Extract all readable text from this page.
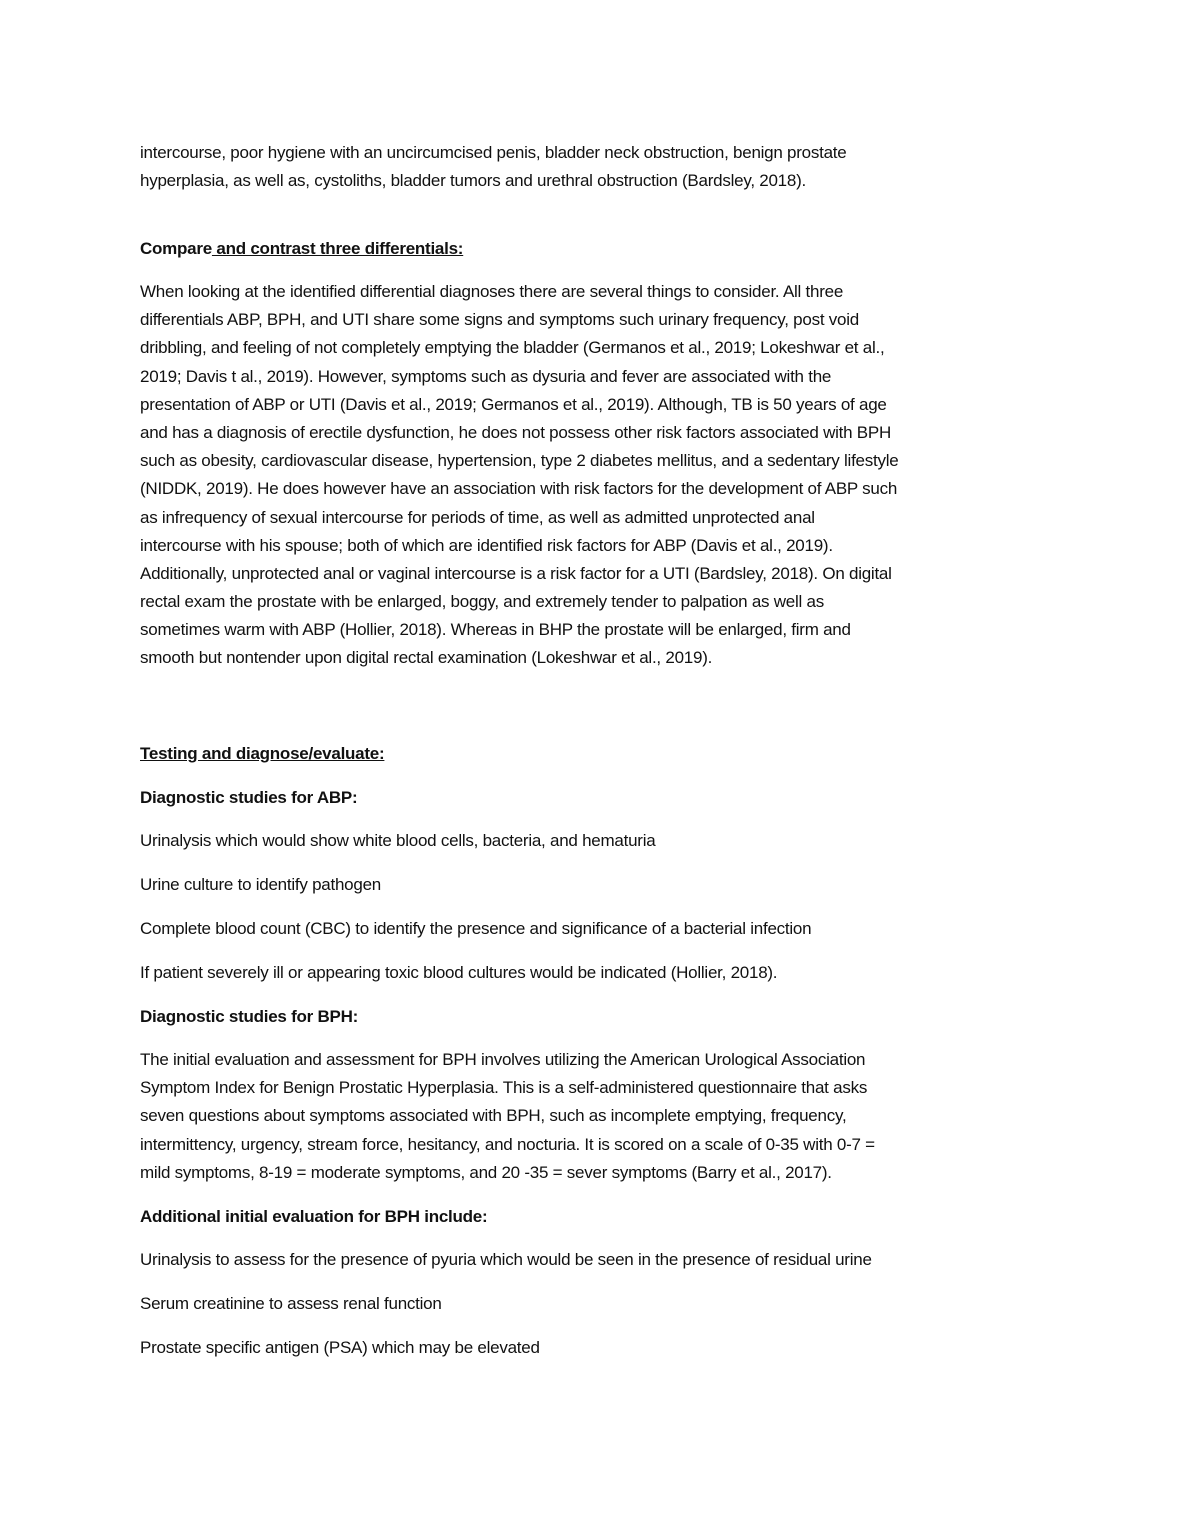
intercourse, poor hygiene with an uncircumcised penis, bladder neck obstruction, benign prostate
hyperplasia, as well as, cystoliths, bladder tumors and urethral obstruction (Bardsley, 2018).
Compare and contrast three differentials:
When looking at the identified differential diagnoses there are several things to consider. All three
differentials ABP, BPH, and UTI share some signs and symptoms such urinary frequency, post void
dribbling, and feeling of not completely emptying the bladder (Germanos et al., 2019; Lokeshwar et al.,
2019; Davis t al., 2019). However, symptoms such as dysuria and fever are associated with the
presentation of ABP or UTI (Davis et al., 2019; Germanos et al., 2019). Although, TB is 50 years of age
and has a diagnosis of erectile dysfunction, he does not possess other risk factors associated with BPH
such as obesity, cardiovascular disease, hypertension, type 2 diabetes mellitus, and a sedentary lifestyle
(NIDDK, 2019). He does however have an association with risk factors for the development of ABP such
as infrequency of sexual intercourse for periods of time, as well as admitted unprotected anal
intercourse with his spouse; both of which are identified risk factors for ABP (Davis et al., 2019).
Additionally, unprotected anal or vaginal intercourse is a risk factor for a UTI (Bardsley, 2018). On digital
rectal exam the prostate with be enlarged, boggy, and extremely tender to palpation as well as
sometimes warm with ABP (Hollier, 2018). Whereas in BHP the prostate will be enlarged, firm and
smooth but nontender upon digital rectal examination (Lokeshwar et al., 2019).
Testing and diagnose/evaluate:
Diagnostic studies for ABP:
Urinalysis which would show white blood cells, bacteria, and hematuria
Urine culture to identify pathogen
Complete blood count (CBC) to identify the presence and significance of a bacterial infection
If patient severely ill or appearing toxic blood cultures would be indicated (Hollier, 2018).
Diagnostic studies for BPH:
The initial evaluation and assessment for BPH involves utilizing the American Urological Association
Symptom Index for Benign Prostatic Hyperplasia. This is a self-administered questionnaire that asks
seven questions about symptoms associated with BPH, such as incomplete emptying, frequency,
intermittency, urgency, stream force, hesitancy, and nocturia. It is scored on a scale of 0-35 with 0-7 =
mild symptoms, 8-19 = moderate symptoms, and 20 -35 = sever symptoms (Barry et al., 2017).
Additional initial evaluation for BPH include:
Urinalysis to assess for the presence of pyuria which would be seen in the presence of residual urine
Serum creatinine to assess renal function
Prostate specific antigen (PSA) which may be elevated
